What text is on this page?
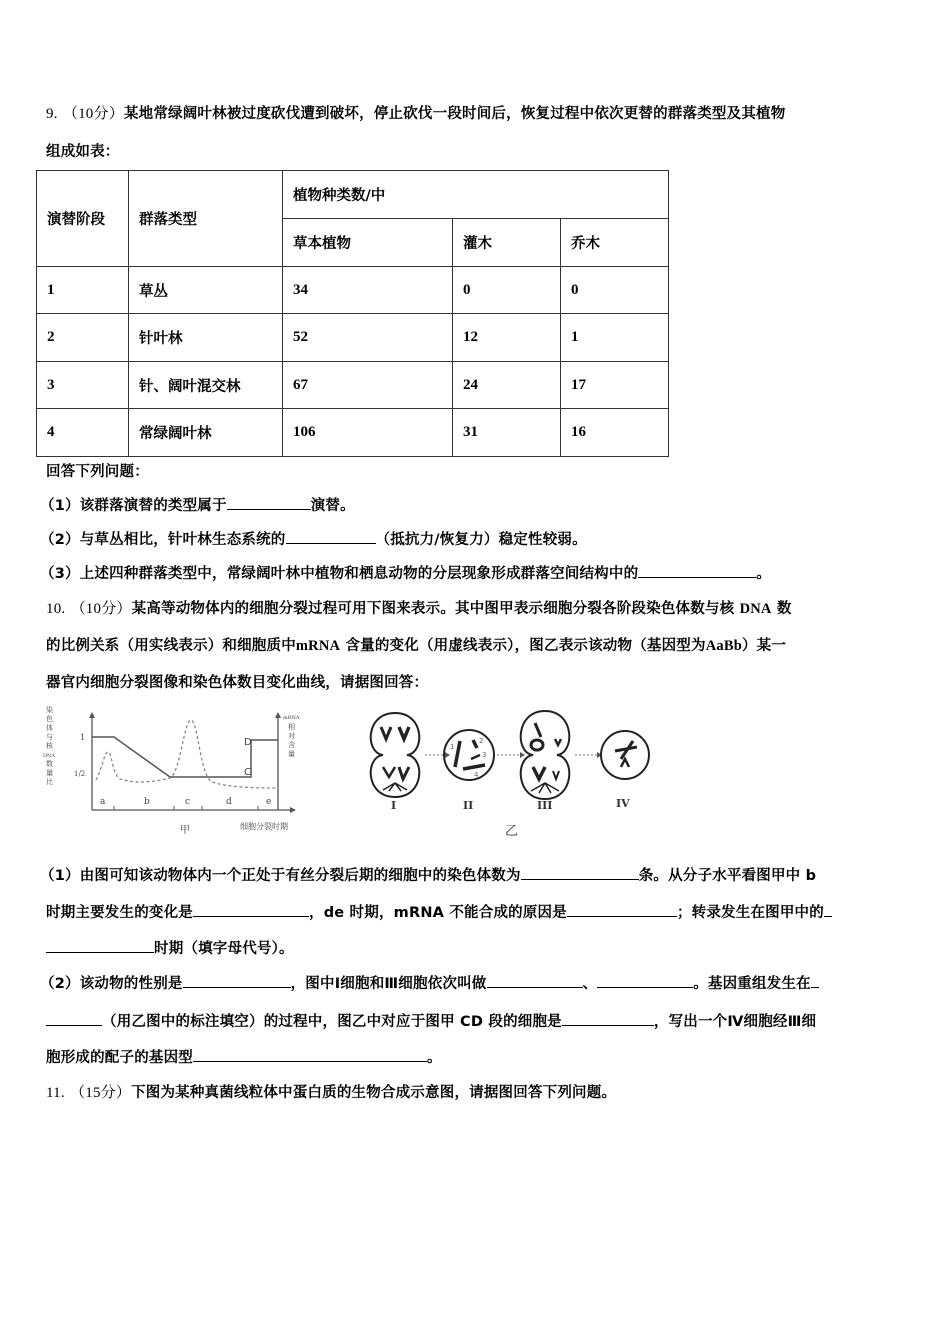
9. （10分）某地常绿阔叶林被过度砍伐遭到破坏，停止砍伐一段时间后，恢复过程中依次更替的群落类型及其植物
组成如表：
演替阶段	群落类型	植物种类数/中		
		草本植物	灌木	乔木
1	草丛	34	0	0
2	针叶林	52	12	1
3	针、阔叶混交林	67	24	17
4	常绿阔叶林	106	31	16
回答下列问题：
（1）该群落演替的类型属于	演替。
（2）与草丛相比，针叶林生态系统的	（抵抗力/恢复力）稳定性较弱。
（3）上述四种群落类型中，常绿阔叶林中植物和栖息动物的分层现象形成群落空间结构中的	。
10. （10分）某高等动物体内的细胞分裂过程可用下图来表示。其中图甲表示细胞分裂各阶段染色体数与核 DNA 数
的比例关系（用实线表示）和细胞质中mRNA 含量的变化（用虚线表示），图乙表示该动物（基因型为AaBb）某一
器官内细胞分裂图像和染色体数目变化曲线，请据图回答：
染
色
体
与
核
DNA
数
量
比
1
1/2
D
C
a	b	c	d	e
mRNA
相
对
含
量
细胞分裂时期
甲
1
2
3
4
I	II	III	IV
乙
（1）由图可知该动物体内一个正处于有丝分裂后期的细胞中的染色体数为	条。从分子水平看图甲中 b
时期主要发生的变化是	，de 时期，mRNA 不能合成的原因是	；转录发生在图甲中的
时期（填字母代号）。
（2）该动物的性别是	，图中Ⅰ细胞和Ⅲ细胞依次叫做	、	。基因重组发生在
（用乙图中的标注填空）的过程中，图乙中对应于图甲 CD 段的细胞是	，写出一个Ⅳ细胞经Ⅲ细
胞形成的配子的基因型	。
11. （15分）下图为某种真菌线粒体中蛋白质的生物合成示意图，请据图回答下列问题。
